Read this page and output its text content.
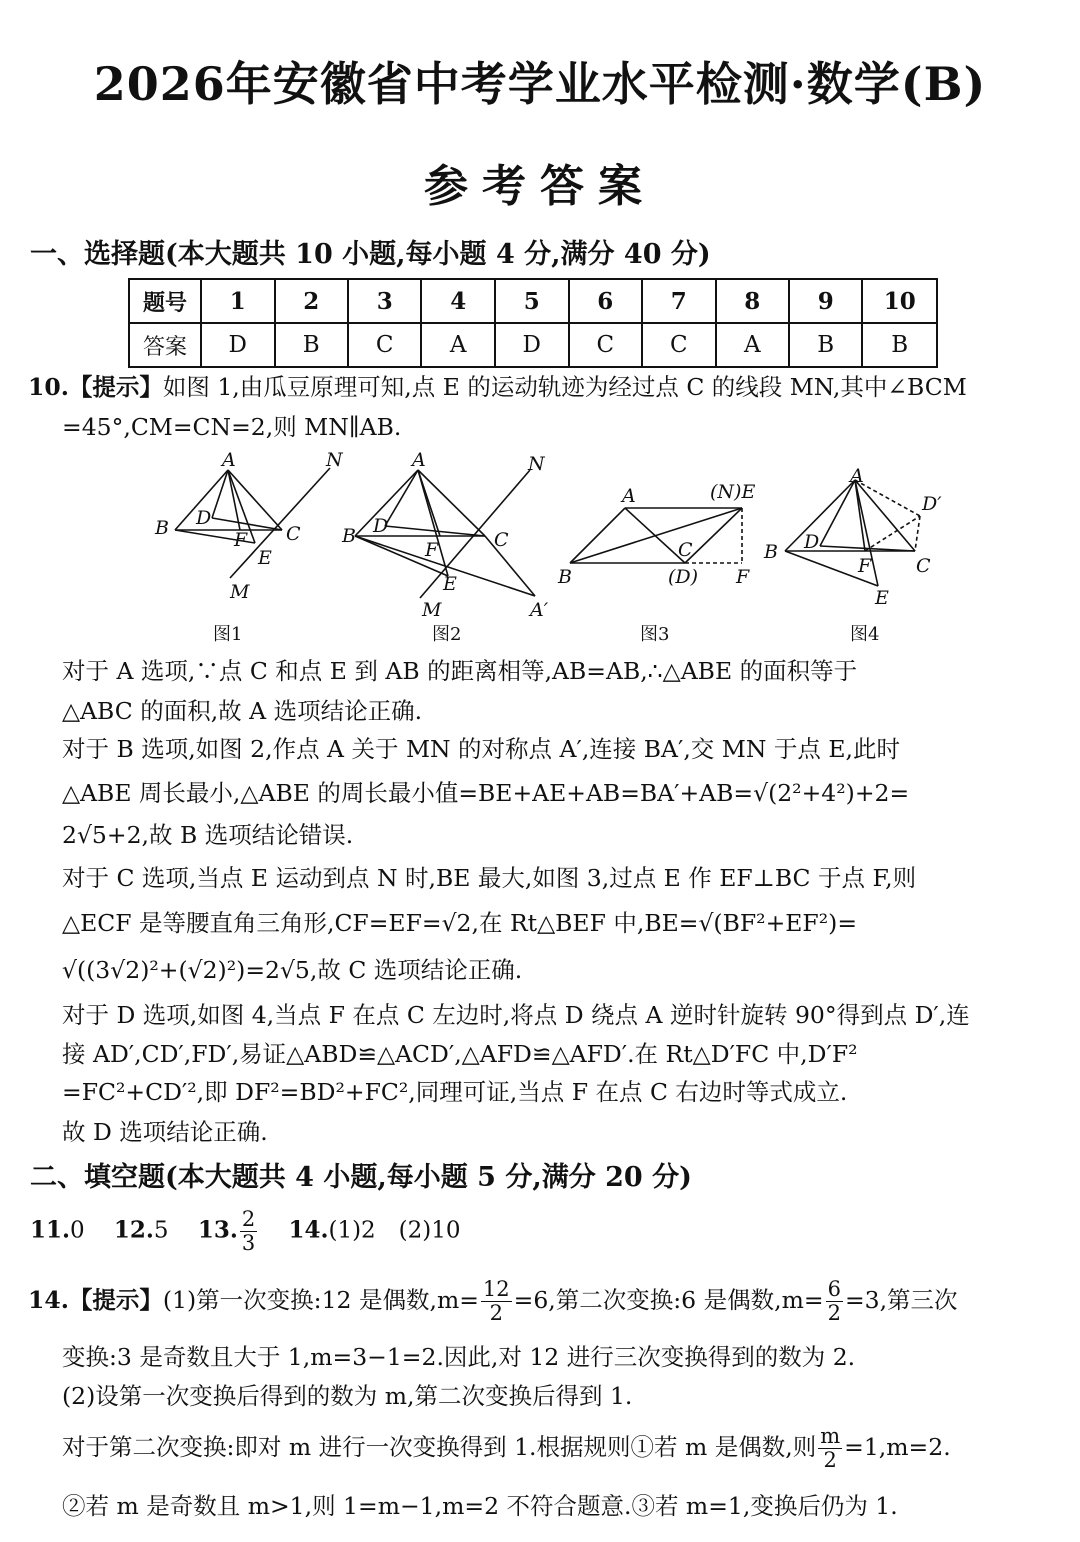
2026年安徽省中考学业水平检测·数学(B)
参考答案
一、选择题(本大题共 10 小题,每小题 4 分,满分 40 分)
题号	1	2	3	4	5	6	7	8	9	10
答案	D	B	C	A	D	C	C	A	B	B
10.【提示】如图 1,由瓜豆原理可知,点 E 的运动轨迹为经过点 C 的线段 MN,其中∠BCM
=45°,CM=CN=2,则 MN∥AB.
A	N
B D
F C
E
M
A	N
B D
F	C
E
M	A′
A	(N)E
B
C
(D) F
A
D′
B D
F C
E
图1	图2	图3	图4
对于 A 选项,∵点 C 和点 E 到 AB 的距离相等,AB=AB,∴△ABE 的面积等于
△ABC 的面积,故 A 选项结论正确.
对于 B 选项,如图 2,作点 A 关于 MN 的对称点 A′,连接 BA′,交 MN 于点 E,此时
△ABE 周长最小,△ABE 的周长最小值=BE+AE+AB=BA′+AB=√(2²+4²)+2=
2√5+2,故 B 选项结论错误.
对于 C 选项,当点 E 运动到点 N 时,BE 最大,如图 3,过点 E 作 EF⊥BC 于点 F,则
△ECF 是等腰直角三角形,CF=EF=√2,在 Rt△BEF 中,BE=√(BF²+EF²)=
√((3√2)²+(√2)²)=2√5,故 C 选项结论正确.
对于 D 选项,如图 4,当点 F 在点 C 左边时,将点 D 绕点 A 逆时针旋转 90°得到点 D′,连
接 AD′,CD′,FD′,易证△ABD≌△ACD′,△AFD≌△AFD′.在 Rt△D′FC 中,D′F²
=FC²+CD′²,即 DF²=BD²+FC²,同理可证,当点 F 在点 C 右边时等式成立.
故 D 选项结论正确.
二、填空题(本大题共 4 小题,每小题 5 分,满分 20 分)
11.0 12.5 13. $\frac{2}{3} 14.(1)2$　(2)10
14.【提示】(1)第一次变换:12 是偶数$,m= \frac{12}{2} =6$,第二次变换:6 是偶数$,m= \frac{6}{2} =3$,第三次
变换:3 是奇数且大于 1,m=3−1=2.因此,对 12 进行三次变换得到的数为 2.
(2)设第一次变换后得到的数为 m,第二次变换后得到 1.
对于第二次变换:即对 m 进行一次变换得到 1.根据规则①若 m 是偶数,则 $\frac{m}{2} =1,m=2$.
②若 m 是奇数且 m>1,则 1=m−1,m=2 不符合题意.③若 m=1,变换后仍为 1.
